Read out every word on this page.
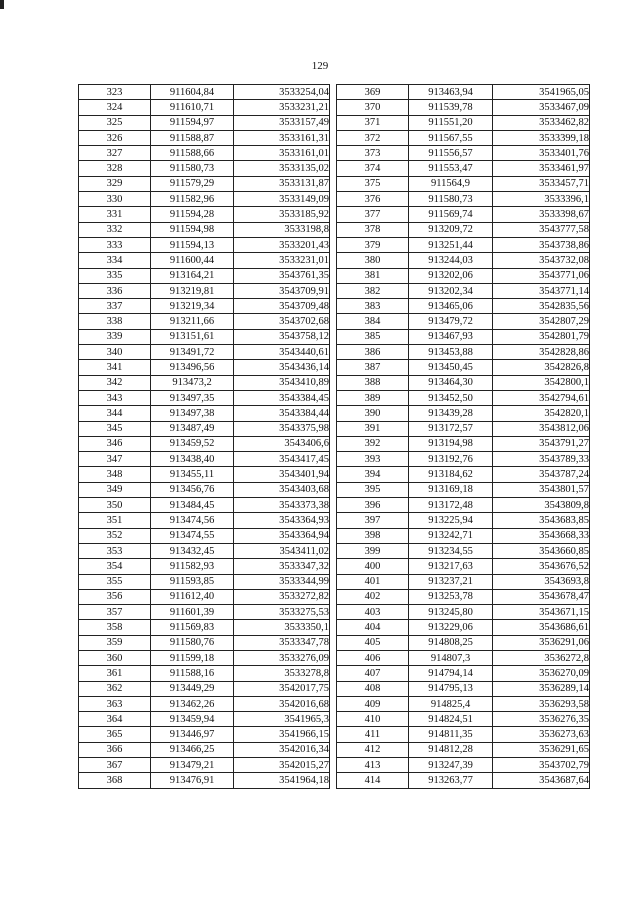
129
323	911604,84	3533254,04
324	911610,71	3533231,21
325	911594,97	3533157,49
326	911588,87	3533161,31
327	911588,66	3533161,01
328	911580,73	3533135,02
329	911579,29	3533131,87
330	911582,96	3533149,09
331	911594,28	3533185,92
332	911594,98	3533198,8
333	911594,13	3533201,43
334	911600,44	3533231,01
335	913164,21	3543761,35
336	913219,81	3543709,91
337	913219,34	3543709,48
338	913211,66	3543702,68
339	913151,61	3543758,12
340	913491,72	3543440,61
341	913496,56	3543436,14
342	913473,2	3543410,89
343	913497,35	3543384,45
344	913497,38	3543384,44
345	913487,49	3543375,98
346	913459,52	3543406,6
347	913438,40	3543417,45
348	913455,11	3543401,94
349	913456,76	3543403,68
350	913484,45	3543373,38
351	913474,56	3543364,93
352	913474,55	3543364,94
353	913432,45	3543411,02
354	911582,93	3533347,32
355	911593,85	3533344,99
356	911612,40	3533272,82
357	911601,39	3533275,53
358	911569,83	3533350,1
359	911580,76	3533347,78
360	911599,18	3533276,09
361	911588,16	3533278,8
362	913449,29	3542017,75
363	913462,26	3542016,68
364	913459,94	3541965,3
365	913446,97	3541966,15
366	913466,25	3542016,34
367	913479,21	3542015,27
368	913476,91	3541964,18
369	913463,94	3541965,05
370	911539,78	3533467,09
371	911551,20	3533462,82
372	911567,55	3533399,18
373	911556,57	3533401,76
374	911553,47	3533461,97
375	911564,9	3533457,71
376	911580,73	3533396,1
377	911569,74	3533398,67
378	913209,72	3543777,58
379	913251,44	3543738,86
380	913244,03	3543732,08
381	913202,06	3543771,06
382	913202,34	3543771,14
383	913465,06	3542835,56
384	913479,72	3542807,29
385	913467,93	3542801,79
386	913453,88	3542828,86
387	913450,45	3542826,8
388	913464,30	3542800,1
389	913452,50	3542794,61
390	913439,28	3542820,1
391	913172,57	3543812,06
392	913194,98	3543791,27
393	913192,76	3543789,33
394	913184,62	3543787,24
395	913169,18	3543801,57
396	913172,48	3543809,8
397	913225,94	3543683,85
398	913242,71	3543668,33
399	913234,55	3543660,85
400	913217,63	3543676,52
401	913237,21	3543693,8
402	913253,78	3543678,47
403	913245,80	3543671,15
404	913229,06	3543686,61
405	914808,25	3536291,06
406	914807,3	3536272,8
407	914794,14	3536270,09
408	914795,13	3536289,14
409	914825,4	3536293,58
410	914824,51	3536276,35
411	914811,35	3536273,63
412	914812,28	3536291,65
413	913247,39	3543702,79
414	913263,77	3543687,64
